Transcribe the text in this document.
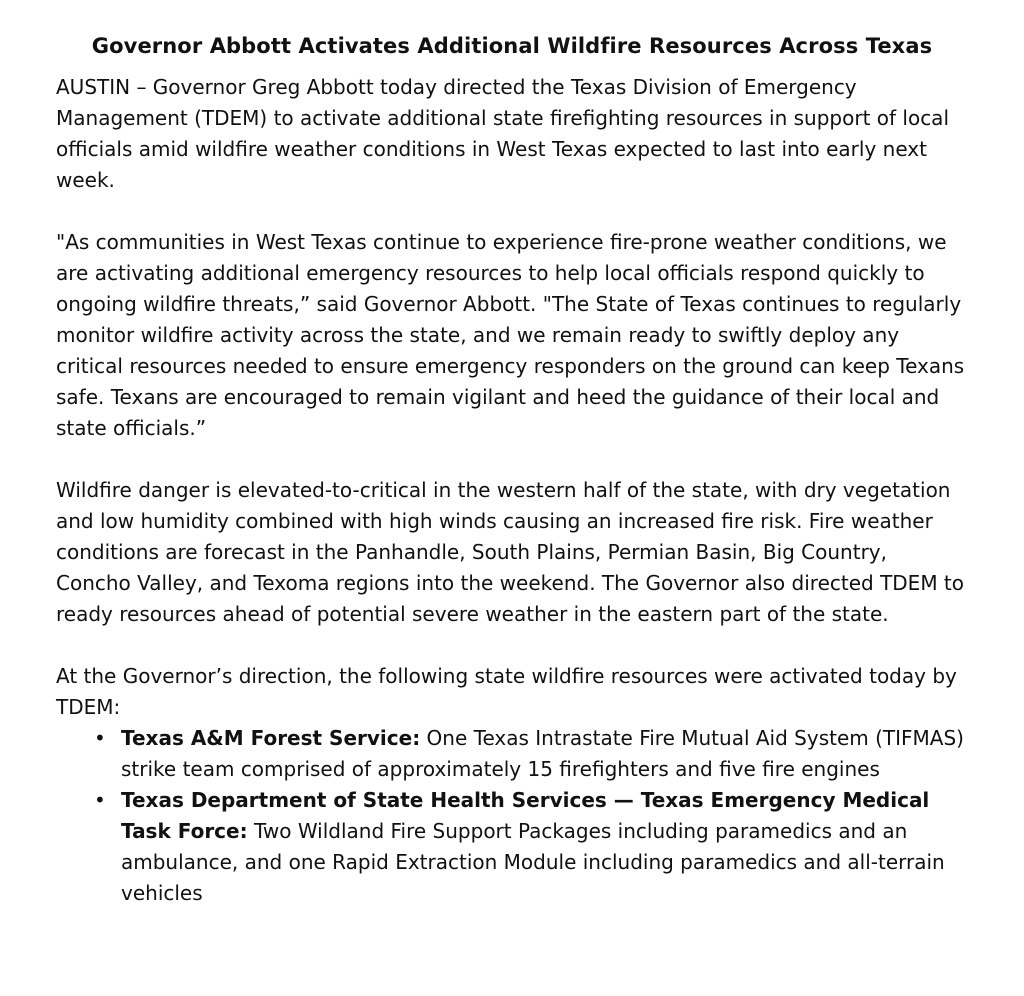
Governor Abbott Activates Additional Wildfire Resources Across Texas

AUSTIN – Governor Greg Abbott today directed the Texas Division of Emergency Management (TDEM) to activate additional state firefighting resources in support of local officials amid wildfire weather conditions in West Texas expected to last into early next week.

"As communities in West Texas continue to experience fire-prone weather conditions, we are activating additional emergency resources to help local officials respond quickly to ongoing wildfire threats,” said Governor Abbott. "The State of Texas continues to regularly monitor wildfire activity across the state, and we remain ready to swiftly deploy any critical resources needed to ensure emergency responders on the ground can keep Texans safe. Texans are encouraged to remain vigilant and heed the guidance of their local and state officials.”

Wildfire danger is elevated-to-critical in the western half of the state, with dry vegetation and low humidity combined with high winds causing an increased fire risk. Fire weather conditions are forecast in the Panhandle, South Plains, Permian Basin, Big Country, Concho Valley, and Texoma regions into the weekend. The Governor also directed TDEM to ready resources ahead of potential severe weather in the eastern part of the state.

At the Governor’s direction, the following state wildfire resources were activated today by TDEM:

• Texas A&M Forest Service: One Texas Intrastate Fire Mutual Aid System (TIFMAS) strike team comprised of approximately 15 firefighters and five fire engines
• Texas Department of State Health Services — Texas Emergency Medical Task Force: Two Wildland Fire Support Packages including paramedics and an ambulance, and one Rapid Extraction Module including paramedics and all-terrain vehicles
